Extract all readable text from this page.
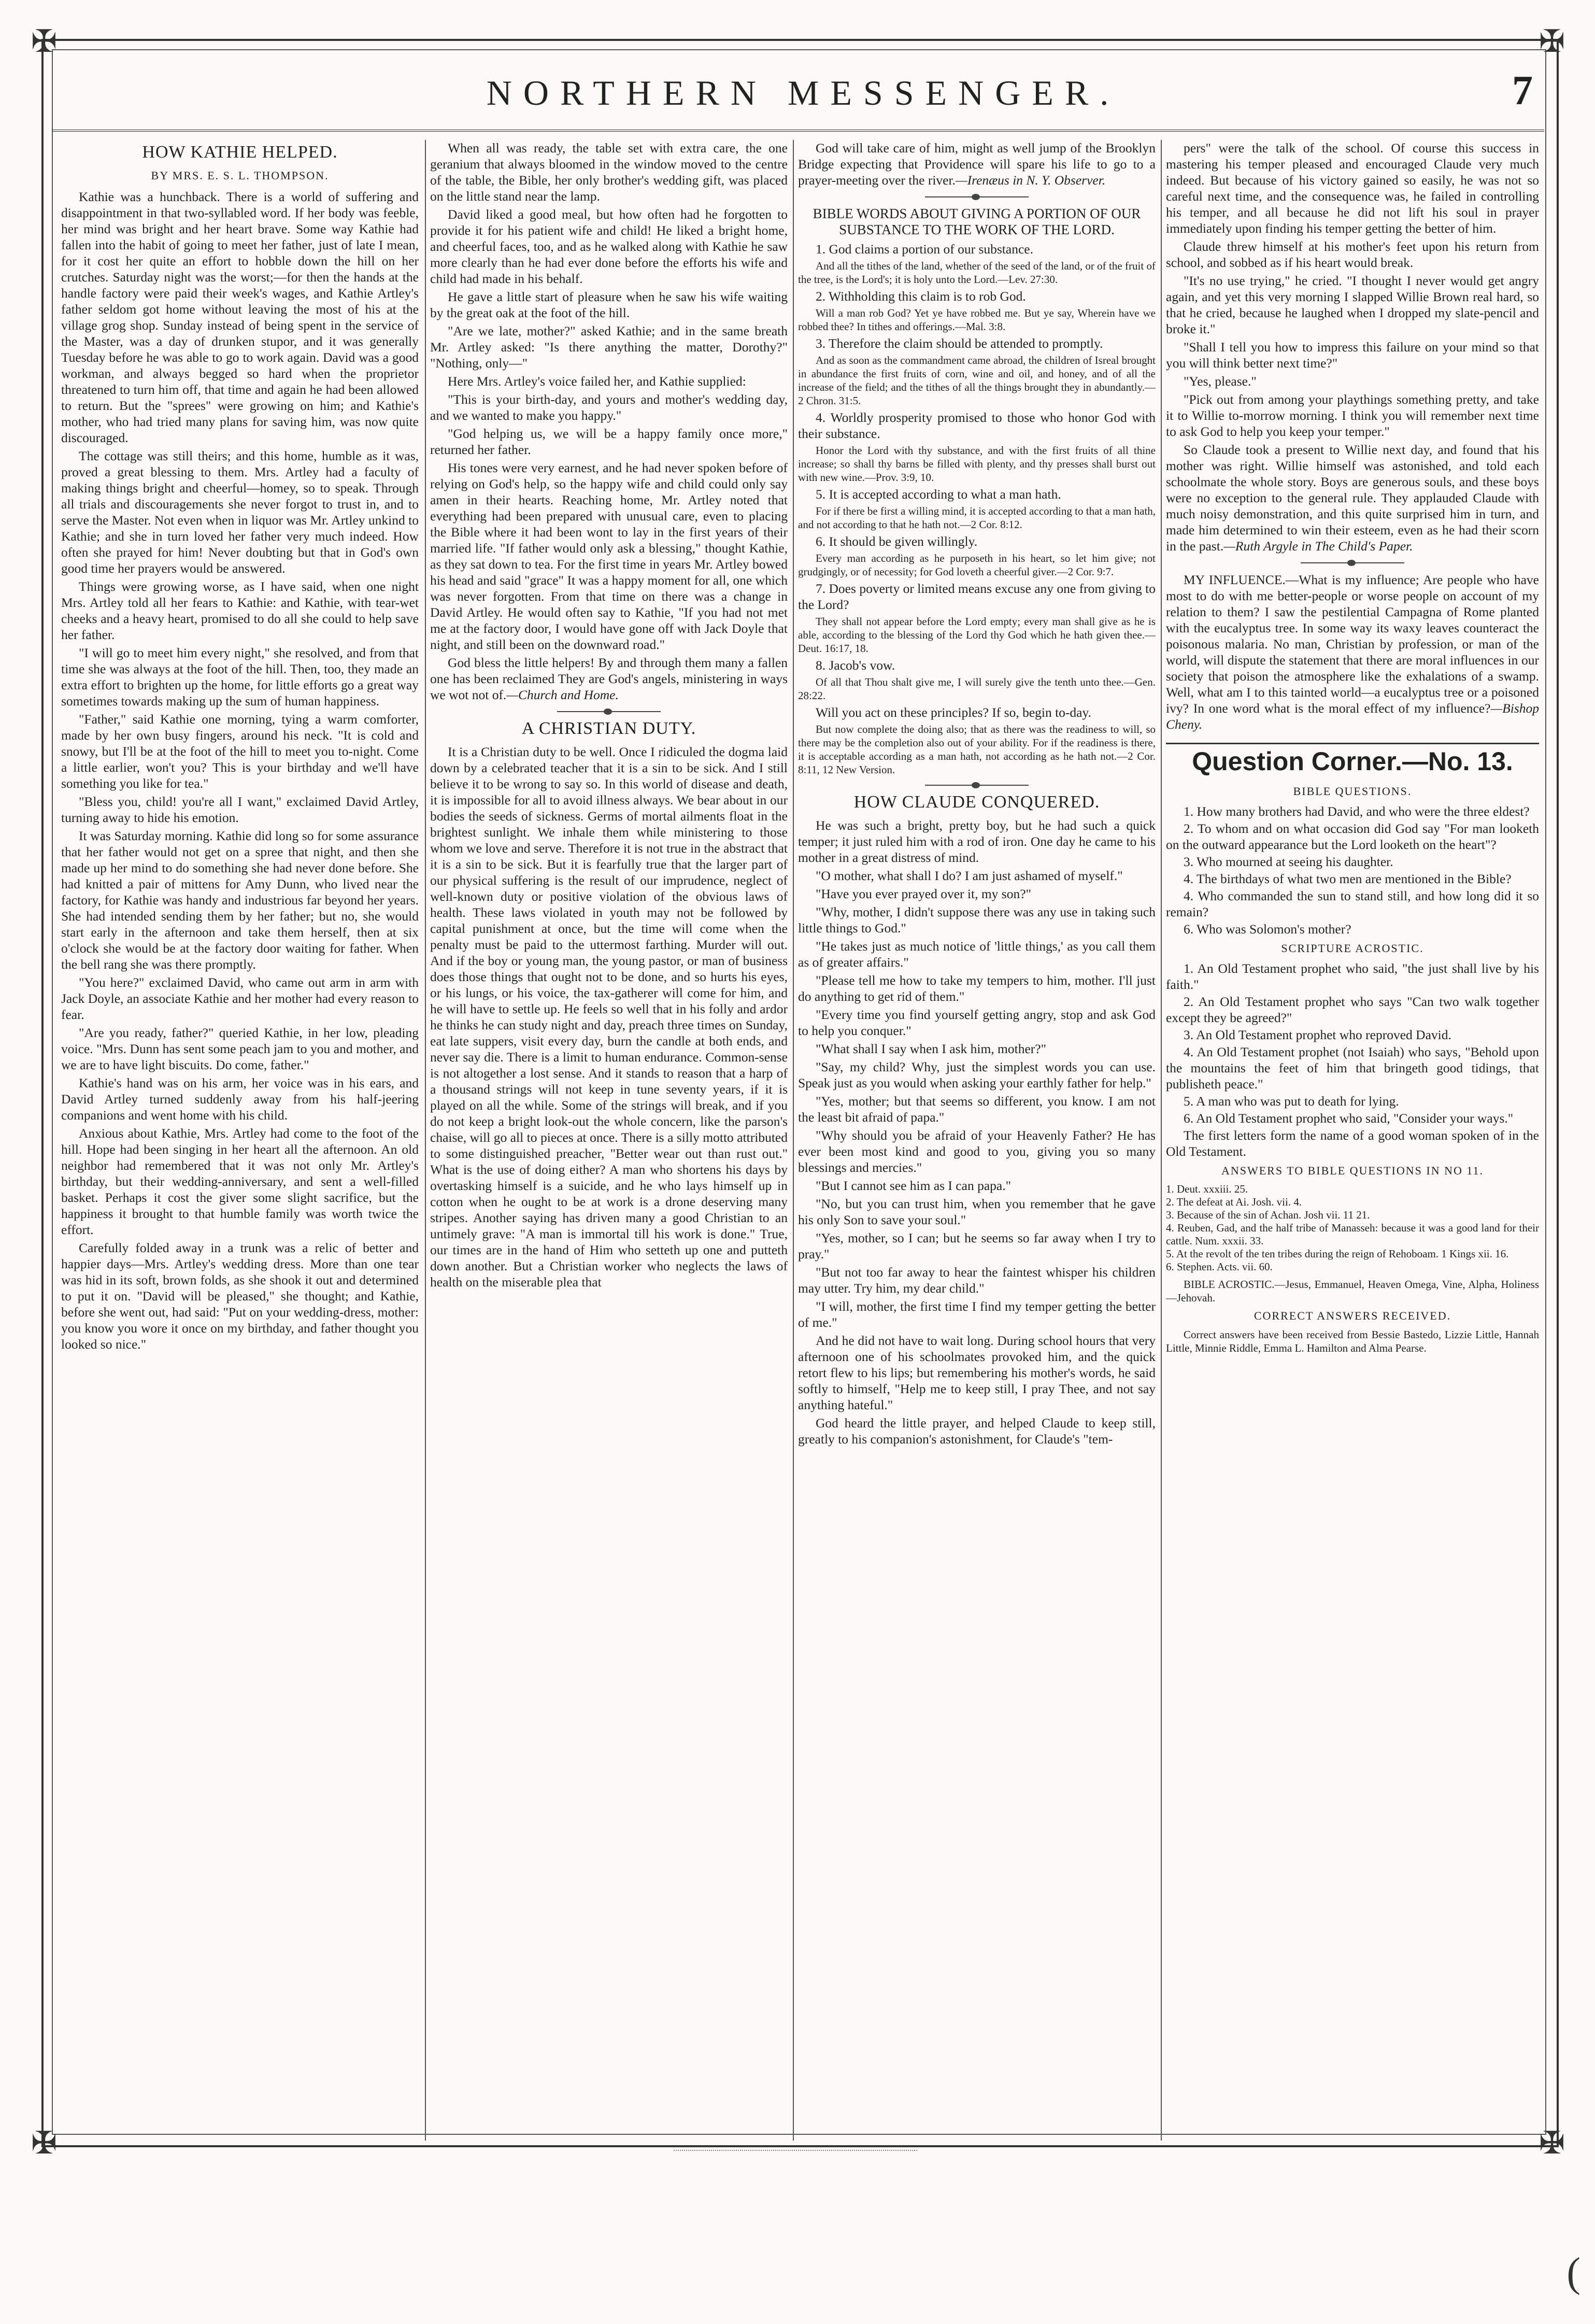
✠	✠
✠	✠
NORTHERN MESSENGER.	7
HOW KATHIE HELPED.
BY MRS. E. S. L. THOMPSON.

Kathie was a hunchback. There is a world of suffering and disappointment in that two-syllabled word. If her body was feeble, her mind was bright and her heart brave. Some way Kathie had fallen into the habit of going to meet her father, just of late I mean, for it cost her quite an effort to hobble down the hill on her crutches. Saturday night was the worst;—for then the hands at the handle factory were paid their week's wages, and Kathie Artley's father seldom got home without leaving the most of his at the village grog shop. Sunday instead of being spent in the service of the Master, was a day of drunken stupor, and it was generally Tuesday before he was able to go to work again. David was a good workman, and always begged so hard when the proprietor threatened to turn him off, that time and again he had been allowed to return. But the "sprees" were growing on him; and Kathie's mother, who had tried many plans for saving him, was now quite discouraged.

The cottage was still theirs; and this home, humble as it was, proved a great blessing to them. Mrs. Artley had a faculty of making things bright and cheerful—homey, so to speak. Through all trials and discouragements she never forgot to trust in, and to serve the Master. Not even when in liquor was Mr. Artley unkind to Kathie; and she in turn loved her father very much indeed. How often she prayed for him! Never doubting but that in God's own good time her prayers would be answered.

Things were growing worse, as I have said, when one night Mrs. Artley told all her fears to Kathie: and Kathie, with tear-wet cheeks and a heavy heart, promised to do all she could to help save her father.

"I will go to meet him every night," she resolved, and from that time she was always at the foot of the hill. Then, too, they made an extra effort to brighten up the home, for little efforts go a great way sometimes towards making up the sum of human happiness.

"Father," said Kathie one morning, tying a warm comforter, made by her own busy fingers, around his neck. "It is cold and snowy, but I'll be at the foot of the hill to meet you to-night. Come a little earlier, won't you? This is your birthday and we'll have something you like for tea."

"Bless you, child! you're all I want," exclaimed David Artley, turning away to hide his emotion.

It was Saturday morning. Kathie did long so for some assurance that her father would not get on a spree that night, and then she made up her mind to do something she had never done before. She had knitted a pair of mittens for Amy Dunn, who lived near the factory, for Kathie was handy and industrious far beyond her years. She had intended sending them by her father; but no, she would start early in the afternoon and take them herself, then at six o'clock she would be at the factory door waiting for father. When the bell rang she was there promptly.

"You here?" exclaimed David, who came out arm in arm with Jack Doyle, an associate Kathie and her mother had every reason to fear.

"Are you ready, father?" queried Kathie, in her low, pleading voice. "Mrs. Dunn has sent some peach jam to you and mother, and we are to have light biscuits. Do come, father."

Kathie's hand was on his arm, her voice was in his ears, and David Artley turned suddenly away from his half-jeering companions and went home with his child.

Anxious about Kathie, Mrs. Artley had come to the foot of the hill. Hope had been singing in her heart all the afternoon. An old neighbor had remembered that it was not only Mr. Artley's birthday, but their wedding-anniversary, and sent a well-filled basket. Perhaps it cost the giver some slight sacrifice, but the happiness it brought to that humble family was worth twice the effort.

Carefully folded away in a trunk was a relic of better and happier days—Mrs. Artley's wedding dress. More than one tear was hid in its soft, brown folds, as she shook it out and determined to put it on. "David will be pleased," she thought; and Kathie, before she went out, had said: "Put on your wedding-dress, mother: you know you wore it once on my birthday, and father thought you looked so nice."

When all was ready, the table set with extra care, the one geranium that always bloomed in the window moved to the centre of the table, the Bible, her only brother's wedding gift, was placed on the little stand near the lamp.

David liked a good meal, but how often had he forgotten to provide it for his patient wife and child! He liked a bright home, and cheerful faces, too, and as he walked along with Kathie he saw more clearly than he had ever done before the efforts his wife and child had made in his behalf.

He gave a little start of pleasure when he saw his wife waiting by the great oak at the foot of the hill.

"Are we late, mother?" asked Kathie; and in the same breath Mr. Artley asked: "Is there anything the matter, Dorothy?" "Nothing, only—"

Here Mrs. Artley's voice failed her, and Kathie supplied:

"This is your birth-day, and yours and mother's wedding day, and we wanted to make you happy."

"God helping us, we will be a happy family once more," returned her father.

His tones were very earnest, and he had never spoken before of relying on God's help, so the happy wife and child could only say amen in their hearts. Reaching home, Mr. Artley noted that everything had been prepared with unusual care, even to placing the Bible where it had been wont to lay in the first years of their married life. "If father would only ask a blessing," thought Kathie, as they sat down to tea. For the first time in years Mr. Artley bowed his head and said "grace" It was a happy moment for all, one which was never forgotten. From that time on there was a change in David Artley. He would often say to Kathie, "If you had not met me at the factory door, I would have gone off with Jack Doyle that night, and still been on the downward road."

God bless the little helpers! By and through them many a fallen one has been reclaimed They are God's angels, ministering in ways we wot not of.—Church and Home.

A CHRISTIAN DUTY.

It is a Christian duty to be well. Once I ridiculed the dogma laid down by a celebrated teacher that it is a sin to be sick. And I still believe it to be wrong to say so. In this world of disease and death, it is impossible for all to avoid illness always. We bear about in our bodies the seeds of sickness. Germs of mortal ailments float in the brightest sunlight. We inhale them while ministering to those whom we love and serve. Therefore it is not true in the abstract that it is a sin to be sick. But it is fearfully true that the larger part of our physical suffering is the result of our imprudence, neglect of well-known duty or positive violation of the obvious laws of health. These laws violated in youth may not be followed by capital punishment at once, but the time will come when the penalty must be paid to the uttermost farthing. Murder will out. And if the boy or young man, the young pastor, or man of business does those things that ought not to be done, and so hurts his eyes, or his lungs, or his voice, the tax-gatherer will come for him, and he will have to settle up. He feels so well that in his folly and ardor he thinks he can study night and day, preach three times on Sunday, eat late suppers, visit every day, burn the candle at both ends, and never say die. There is a limit to human endurance. Common-sense is not altogether a lost sense. And it stands to reason that a harp of a thousand strings will not keep in tune seventy years, if it is played on all the while. Some of the strings will break, and if you do not keep a bright look-out the whole concern, like the parson's chaise, will go all to pieces at once. There is a silly motto attributed to some distinguished preacher, "Better wear out than rust out." What is the use of doing either? A man who shortens his days by overtasking himself is a suicide, and he who lays himself up in cotton when he ought to be at work is a drone deserving many stripes. Another saying has driven many a good Christian to an untimely grave: "A man is immortal till his work is done." True, our times are in the hand of Him who setteth up one and putteth down another. But a Christian worker who neglects the laws of health on the miserable plea that

God will take care of him, might as well jump of the Brooklyn Bridge expecting that Providence will spare his life to go to a prayer-meeting over the river.—Irenæus in N. Y. Observer.

BIBLE WORDS ABOUT GIVING A PORTION OF OUR SUBSTANCE TO THE WORK OF THE LORD.

1. God claims a portion of our substance.

And all the tithes of the land, whether of the seed of the land, or of the fruit of the tree, is the Lord's; it is holy unto the Lord.—Lev. 27:30.

2. Withholding this claim is to rob God.

Will a man rob God? Yet ye have robbed me. But ye say, Wherein have we robbed thee? In tithes and offerings.—Mal. 3:8.

3. Therefore the claim should be attended to promptly.

And as soon as the commandment came abroad, the children of Isreal brought in abundance the first fruits of corn, wine and oil, and honey, and of all the increase of the field; and the tithes of all the things brought they in abundantly.—2 Chron. 31:5.

4. Worldly prosperity promised to those who honor God with their substance.

Honor the Lord with thy substance, and with the first fruits of all thine increase; so shall thy barns be filled with plenty, and thy presses shall burst out with new wine.—Prov. 3:9, 10.

5. It is accepted according to what a man hath.

For if there be first a willing mind, it is accepted according to that a man hath, and not according to that he hath not.—2 Cor. 8:12.

6. It should be given willingly.

Every man according as he purposeth in his heart, so let him give; not grudgingly, or of necessity; for God loveth a cheerful giver.—2 Cor. 9:7.

7. Does poverty or limited means excuse any one from giving to the Lord?

They shall not appear before the Lord empty; every man shall give as he is able, according to the blessing of the Lord thy God which he hath given thee.—Deut. 16:17, 18.

8. Jacob's vow.

Of all that Thou shalt give me, I will surely give the tenth unto thee.—Gen. 28:22.

Will you act on these principles? If so, begin to-day.

But now complete the doing also; that as there was the readiness to will, so there may be the completion also out of your ability. For if the readiness is there, it is acceptable according as a man hath, not according as he hath not.—2 Cor. 8:11, 12 New Version.

HOW CLAUDE CONQUERED.

He was such a bright, pretty boy, but he had such a quick temper; it just ruled him with a rod of iron. One day he came to his mother in a great distress of mind.

"O mother, what shall I do? I am just ashamed of myself."

"Have you ever prayed over it, my son?"

"Why, mother, I didn't suppose there was any use in taking such little things to God."

"He takes just as much notice of 'little things,' as you call them as of greater affairs."

"Please tell me how to take my tempers to him, mother. I'll just do anything to get rid of them."

"Every time you find yourself getting angry, stop and ask God to help you conquer."

"What shall I say when I ask him, mother?"

"Say, my child? Why, just the simplest words you can use. Speak just as you would when asking your earthly father for help."

"Yes, mother; but that seems so different, you know. I am not the least bit afraid of papa."

"Why should you be afraid of your Heavenly Father? He has ever been most kind and good to you, giving you so many blessings and mercies."

"But I cannot see him as I can papa."

"No, but you can trust him, when you remember that he gave his only Son to save your soul."

"Yes, mother, so I can; but he seems so far away when I try to pray."

"But not too far away to hear the faintest whisper his children may utter. Try him, my dear child."

"I will, mother, the first time I find my temper getting the better of me."

And he did not have to wait long. During school hours that very afternoon one of his schoolmates provoked him, and the quick retort flew to his lips; but remembering his mother's words, he said softly to himself, "Help me to keep still, I pray Thee, and not say anything hateful."

God heard the little prayer, and helped Claude to keep still, greatly to his companion's astonishment, for Claude's "tem-

pers" were the talk of the school. Of course this success in mastering his temper pleased and encouraged Claude very much indeed. But because of his victory gained so easily, he was not so careful next time, and the consequence was, he failed in controlling his temper, and all because he did not lift his soul in prayer immediately upon finding his temper getting the better of him.

Claude threw himself at his mother's feet upon his return from school, and sobbed as if his heart would break.

"It's no use trying," he cried. "I thought I never would get angry again, and yet this very morning I slapped Willie Brown real hard, so that he cried, because he laughed when I dropped my slate-pencil and broke it."

"Shall I tell you how to impress this failure on your mind so that you will think better next time?"

"Yes, please."

"Pick out from among your playthings something pretty, and take it to Willie to-morrow morning. I think you will remember next time to ask God to help you keep your temper."

So Claude took a present to Willie next day, and found that his mother was right. Willie himself was astonished, and told each schoolmate the whole story. Boys are generous souls, and these boys were no exception to the general rule. They applauded Claude with much noisy demonstration, and this quite surprised him in turn, and made him determined to win their esteem, even as he had their scorn in the past.—Ruth Argyle in The Child's Paper.

MY INFLUENCE.—What is my influence; Are people who have most to do with me better-people or worse people on account of my relation to them? I saw the pestilential Campagna of Rome planted with the eucalyptus tree. In some way its waxy leaves counteract the poisonous malaria. No man, Christian by profession, or man of the world, will dispute the statement that there are moral influences in our society that poison the atmosphere like the exhalations of a swamp. Well, what am I to this tainted world—a eucalyptus tree or a poisoned ivy? In one word what is the moral effect of my influence?—Bishop Cheny.

Question Corner.—No. 13.
BIBLE QUESTIONS.

1. How many brothers had David, and who were the three eldest?

2. To whom and on what occasion did God say "For man looketh on the outward appearance but the Lord looketh on the heart"?

3. Who mourned at seeing his daughter.

4. The birthdays of what two men are mentioned in the Bible?

4. Who commanded the sun to stand still, and how long did it so remain?

6. Who was Solomon's mother?

SCRIPTURE ACROSTIC.

1. An Old Testament prophet who said, "the just shall live by his faith."

2. An Old Testament prophet who says "Can two walk together except they be agreed?"

3. An Old Testament prophet who reproved David.

4. An Old Testament prophet (not Isaiah) who says, "Behold upon the mountains the feet of him that bringeth good tidings, that publisheth peace."

5. A man who was put to death for lying.

6. An Old Testament prophet who said, "Consider your ways."

The first letters form the name of a good woman spoken of in the Old Testament.

ANSWERS TO BIBLE QUESTIONS IN NO 11.

1. Deut. xxxiii. 25.

2. The defeat at Ai. Josh. vii. 4.

3. Because of the sin of Achan. Josh vii. 11 21.

4. Reuben, Gad, and the half tribe of Manasseh: because it was a good land for their cattle. Num. xxxii. 33.

5. At the revolt of the ten tribes during the reign of Rehoboam. 1 Kings xii. 16.

6. Stephen. Acts. vii. 60.

BIBLE ACROSTIC.—Jesus, Emmanuel, Heaven Omega, Vine, Alpha, Holiness—Jehovah.

CORRECT ANSWERS RECEIVED.

Correct answers have been received from Bessie Bastedo, Lizzie Little, Hannah Little, Minnie Riddle, Emma L. Hamilton and Alma Pearse.

(
